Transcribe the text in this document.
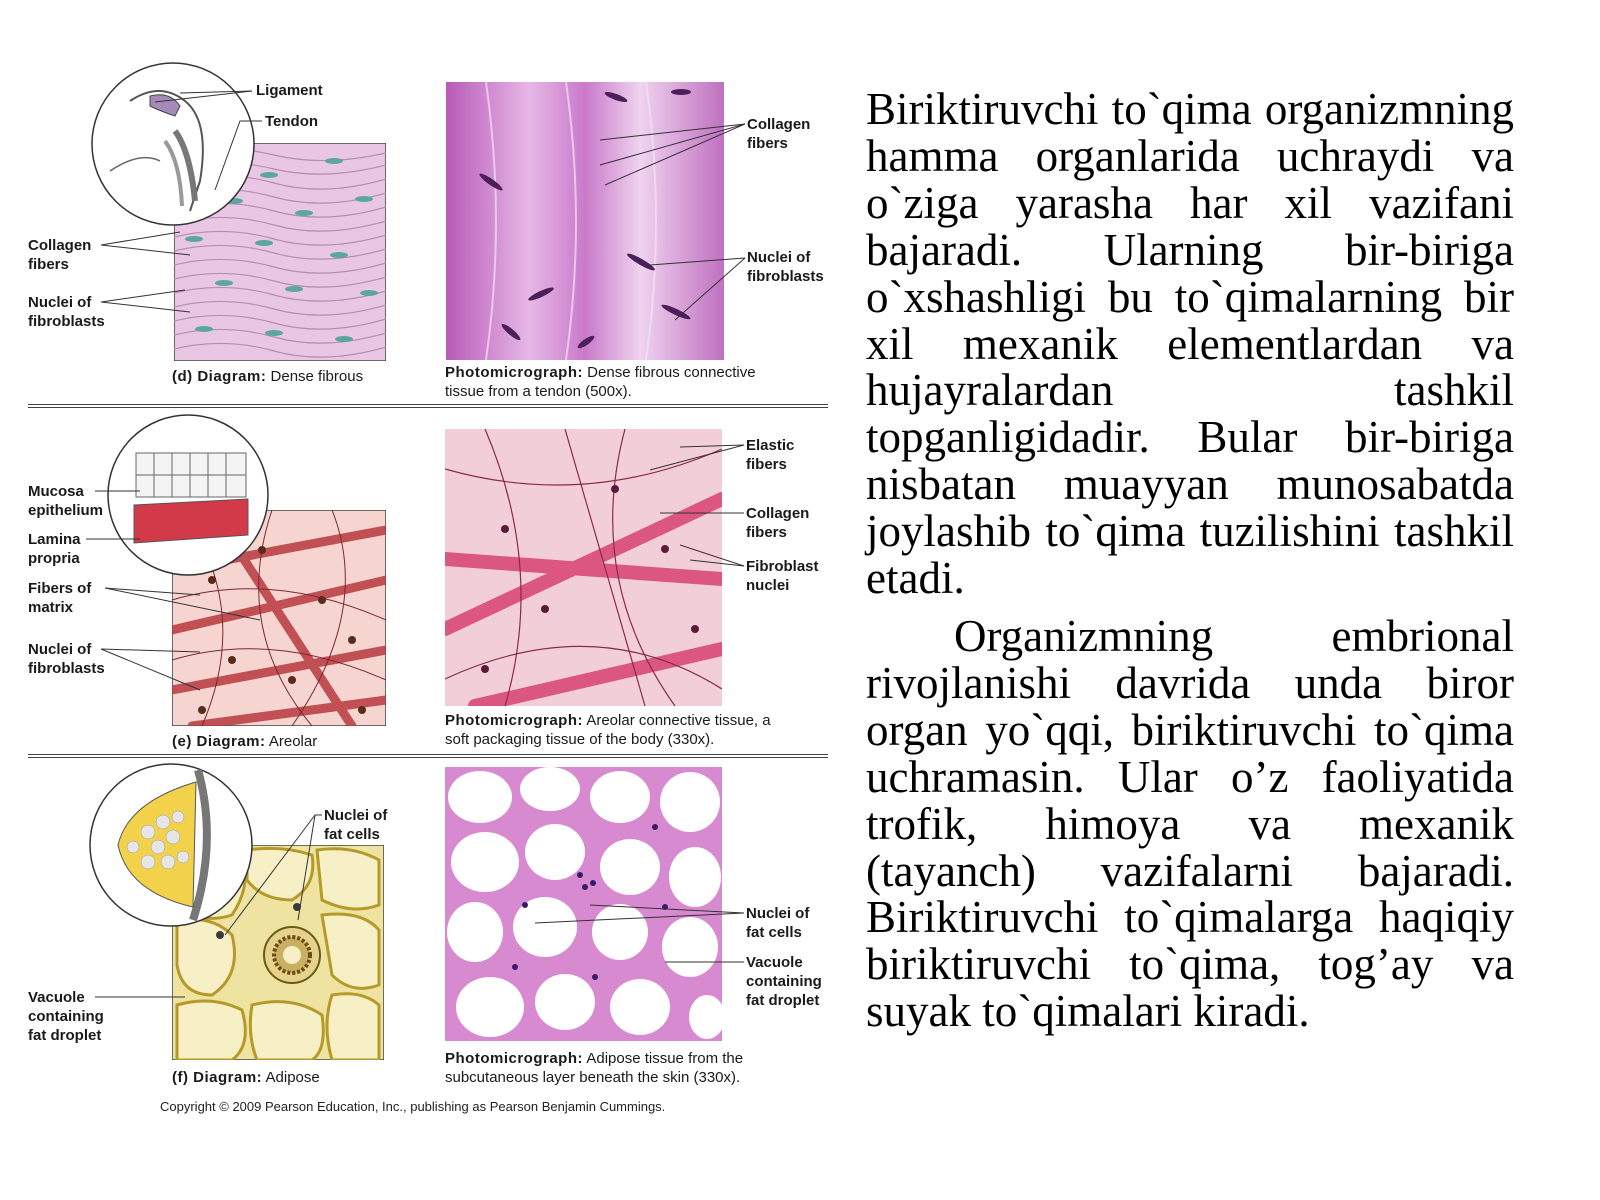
Ligament
Tendon
Collagen
fibers
Nuclei of
fibroblasts
Collagen
fibers
Nuclei of
fibroblasts
(d) Diagram: Dense fibrous	Photomicrograph: Dense fibrous connective
tissue from a tendon (500x).
Mucosa
epithelium
Lamina
propria
Fibers of
matrix
Nuclei of
fibroblasts
Elastic
fibers
Collagen
fibers
Fibroblast
nuclei
(e) Diagram: Areolar
Photomicrograph: Areolar connective tissue, a
soft packaging tissue of the body (330x).
Nuclei of
fat cells
Vacuole
containing
fat droplet
Nuclei of
fat cells
Vacuole
containing
fat droplet
(f) Diagram: Adipose
Photomicrograph: Adipose tissue from the
subcutaneous layer beneath the skin (330x).
Copyright © 2009 Pearson Education, Inc., publishing as Pearson Benjamin Cummings.

Biriktiruvchi to`qima organizmning hamma organlarida uchraydi va o`ziga yarasha har xil vazifani bajaradi. Ularning bir-biriga o`xshashligi bu to`qimalarning bir xil mexanik elementlardan va hujayralardan tashkil topganligidadir. Bular bir-biriga nisbatan muayyan munosabatda joylashib to`qima tuzilishini tashkil etadi.

Organizmning embrional rivojlanishi davrida unda biror organ yo`qqi, biriktiruvchi to`qima uchramasin. Ular o’z faoliyatida trofik, himoya va mexanik (tayanch) vazifalarni bajaradi. Biriktiruvchi to`qimalarga haqiqiy biriktiruvchi to`qima, tog’ay va suyak to`qimalari kiradi.
